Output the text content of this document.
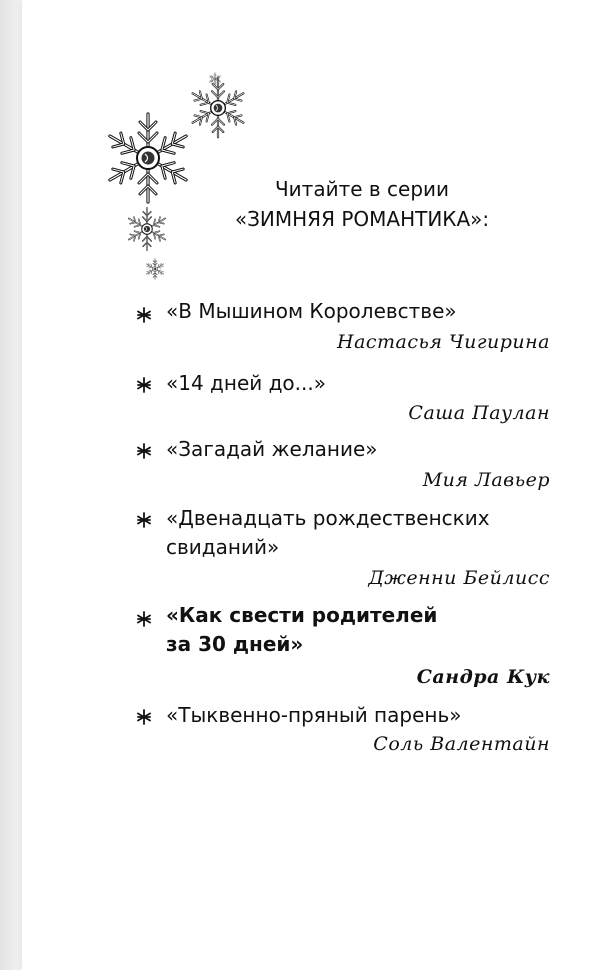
Читайте в серии
«ЗИМНЯЯ РОМАНТИКА»:
«В Мышином Королевстве»
Настасья Чигирина
«14 дней до...»
Саша Паулан
«Загадай желание»
Мия Лавьер
«Двенадцать рождественских
свиданий»
Дженни Бейлисс
«Как свести родителей
за 30 дней»
Сандра Кук
«Тыквенно-пряный парень»
Соль Валентайн
